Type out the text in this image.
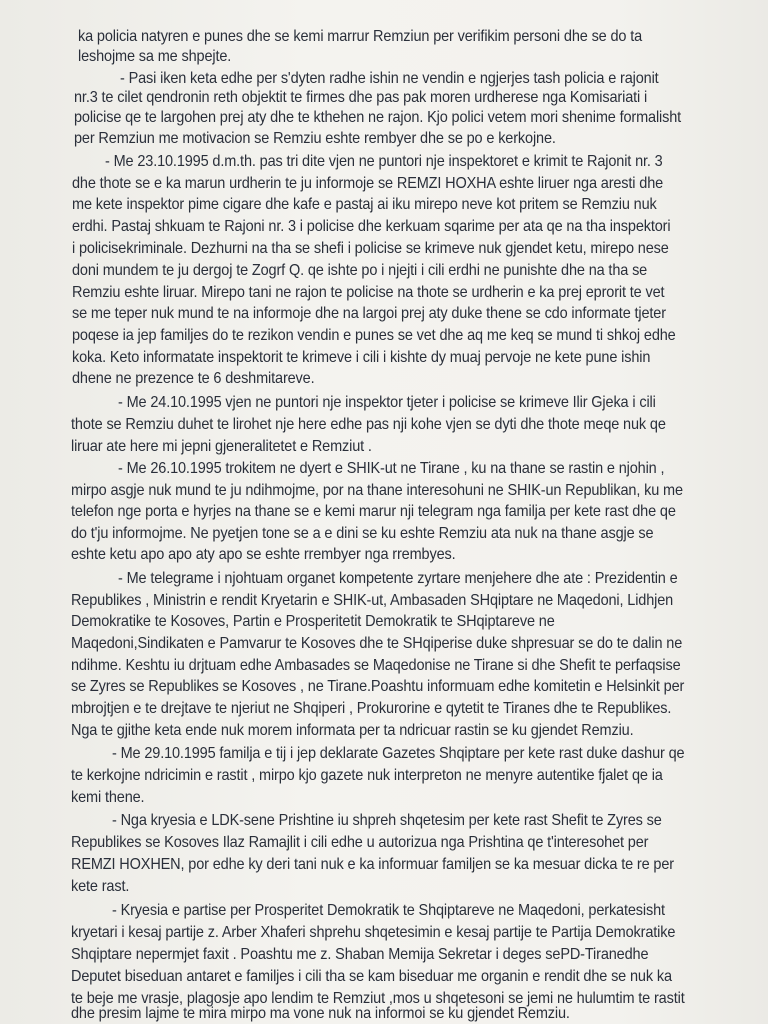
ka policia natyren e punes dhe se kemi marrur Remziun per verifikim personi dhe se do ta
leshojme sa me shpejte.
- Pasi iken keta edhe per s'dyten radhe ishin ne vendin e ngjerjes tash policia e rajonit
nr.3 te cilet qendronin reth objektit te firmes dhe pas pak moren urdherese nga Komisariati i
policise qe te largohen prej aty dhe te kthehen ne rajon. Kjo polici vetem mori shenime formalisht
per Remziun me motivacion se Remziu eshte rembyer dhe se po e kerkojne.
- Me 23.10.1995 d.m.th. pas tri dite vjen ne puntori nje inspektoret e krimit te Rajonit nr. 3
dhe thote se e ka marun urdherin te ju informoje se REMZI HOXHA eshte liruer nga aresti dhe
me kete inspektor pime cigare dhe kafe e pastaj ai iku mirepo neve kot pritem se Remziu nuk
erdhi. Pastaj shkuam te Rajoni nr. 3 i policise dhe kerkuam sqarime per ata qe na tha inspektori
i policisekriminale. Dezhurni na tha se shefi i policise se krimeve nuk gjendet ketu, mirepo nese
doni mundem te ju dergoj te Zogrf Q. qe ishte po i njejti i cili erdhi ne punishte dhe na tha se
Remziu eshte liruar. Mirepo tani ne rajon te policise na thote se urdherin e ka prej eprorit te vet
se me teper nuk mund te na informoje dhe na largoi prej aty duke thene se cdo informate tjeter
poqese ia jep familjes do te rezikon vendin e punes se vet dhe aq me keq se mund ti shkoj edhe
koka. Keto informatate inspektorit te krimeve i cili i kishte dy muaj pervoje ne kete pune ishin
dhene ne prezence te 6 deshmitareve.
- Me 24.10.1995 vjen ne puntori nje inspektor tjeter i policise se krimeve Ilir Gjeka i cili
thote se Remziu duhet te lirohet nje here edhe pas nji kohe vjen se dyti dhe thote meqe nuk qe
liruar ate here mi jepni gjeneralitetet e Remziut .
- Me 26.10.1995 trokitem ne dyert e SHIK-ut ne Tirane , ku na thane se rastin e njohin ,
mirpo asgje nuk mund te ju ndihmojme, por na thane interesohuni ne SHIK-un Republikan, ku me
telefon nge porta e hyrjes na thane se e kemi marur nji telegram nga familja per kete rast dhe qe
do t'ju informojme. Ne pyetjen tone se a e dini se ku eshte Remziu ata nuk na thane asgje se
eshte ketu apo apo aty apo se eshte rrembyer nga rrembyes.
- Me telegrame i njohtuam organet kompetente zyrtare menjehere dhe ate : Prezidentin e
Republikes , Ministrin e rendit Kryetarin e SHIK-ut, Ambasaden SHqiptare ne Maqedoni, Lidhjen
Demokratike te Kosoves, Partin e Prosperitetit Demokratik te SHqiptareve ne
Maqedoni,Sindikaten e Pamvarur te Kosoves dhe te SHqiperise duke shpresuar se do te dalin ne
ndihme. Keshtu iu drjtuam edhe Ambasades se Maqedonise ne Tirane si dhe Shefit te perfaqsise
se Zyres se Republikes se Kosoves , ne Tirane.Poashtu informuam edhe komitetin e Helsinkit per
mbrojtjen e te drejtave te njeriut ne Shqiperi , Prokurorine e qytetit te Tiranes dhe te Republikes.
Nga te gjithe keta ende nuk morem informata per ta ndricuar rastin se ku gjendet Remziu.
- Me 29.10.1995 familja e tij i jep deklarate Gazetes Shqiptare per kete rast duke dashur qe
te kerkojne ndricimin e rastit , mirpo kjo gazete nuk interpreton ne menyre autentike fjalet qe ia
kemi thene.
- Nga kryesia e LDK-sene Prishtine iu shpreh shqetesim per kete rast Shefit te Zyres se
Republikes se Kosoves Ilaz Ramajlit i cili edhe u autorizua nga Prishtina qe t'interesohet per
REMZI HOXHEN, por edhe ky deri tani nuk e ka informuar familjen se ka mesuar dicka te re per
kete rast.
- Kryesia e partise per Prosperitet Demokratik te Shqiptareve ne Maqedoni, perkatesisht
kryetari i kesaj partije z. Arber Xhaferi shprehu shqetesimin e kesaj partije te Partija Demokratike
Shqiptare nepermjet faxit . Poashtu me z. Shaban Memija Sekretar i deges sePD-Tiranedhe
Deputet biseduan antaret e familjes i cili tha se kam biseduar me organin e rendit dhe se nuk ka
te beje me vrasje, plagosje apo lendim te Remziut ,mos u shqetesoni se jemi ne hulumtim te rastit
dhe presim lajme te mira mirpo ma vone nuk na informoi se ku gjendet Remziu.
